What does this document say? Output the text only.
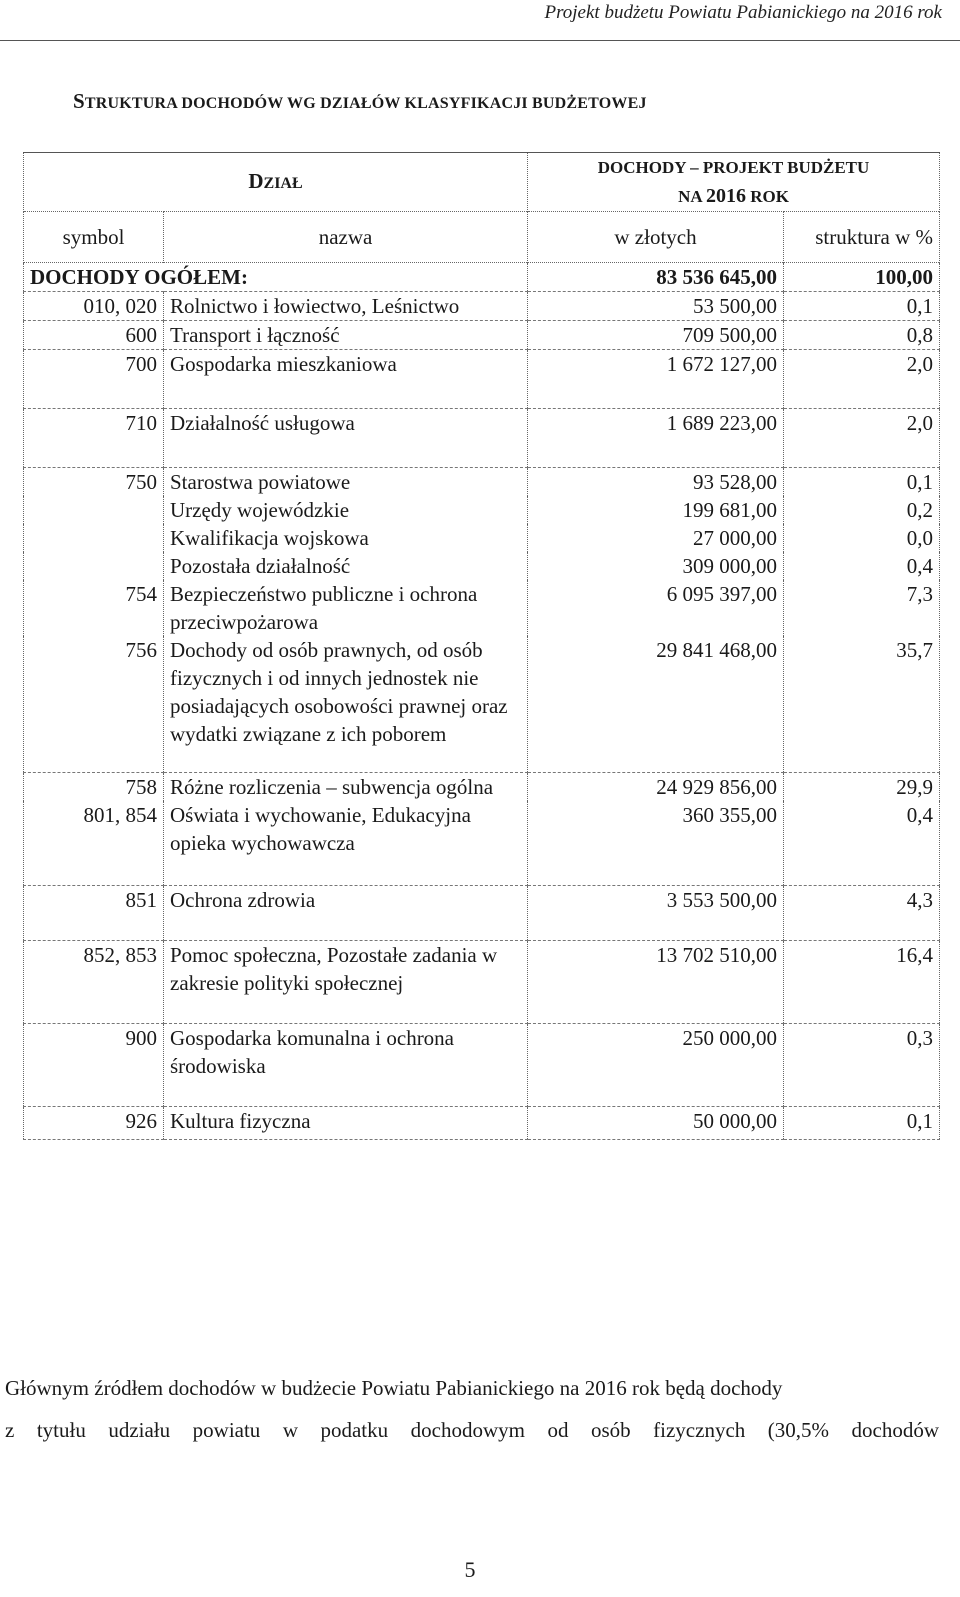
Projekt budżetu Powiatu Pabianickiego na 2016 rok
STRUKTURA DOCHODÓW WG DZIAŁÓW KLASYFIKACJI BUDŻETOWEJ
DZIAŁ		DOCHODY – PROJEKT BUDŻETU
NA 2016 ROK	

symbol	nazwa	w złotych	struktura w %
DOCHODY OGÓŁEM:		83 536 645,00	100,00
010, 020	Rolnictwo i łowiectwo, Leśnictwo	53 500,00	0,1
600	Transport i łączność	709 500,00	0,8
700	Gospodarka mieszkaniowa	1 672 127,00	2,0
710	Działalność usługowa	1 689 223,00	2,0
750	Starostwa powiatowe	93 528,00	0,1
	Urzędy wojewódzkie	199 681,00	0,2
	Kwalifikacja wojskowa	27 000,00	0,0
	Pozostała działalność	309 000,00	0,4
754	Bezpieczeństwo publiczne i ochrona przeciwpożarowa	6 095 397,00	7,3
756	Dochody od osób prawnych, od osób fizycznych i od innych jednostek nie posiadających osobowości prawnej oraz wydatki związane z ich poborem	29 841 468,00	35,7
758	Różne rozliczenia – subwencja ogólna	24 929 856,00	29,9
801, 854	Oświata i wychowanie, Edukacyjna opieka wychowawcza	360 355,00	0,4
851	Ochrona zdrowia	3 553 500,00	4,3
852, 853	Pomoc społeczna, Pozostałe zadania w zakresie polityki społecznej	13 702 510,00	16,4
900	Gospodarka komunalna i ochrona środowiska	250 000,00	0,3
926	Kultura fizyczna	50 000,00	0,1
Głównym źródłem dochodów w budżecie Powiatu Pabianickiego na 2016 rok będą dochody
z tytułu udziału powiatu w podatku dochodowym od osób fizycznych (30,5% dochodów
5
